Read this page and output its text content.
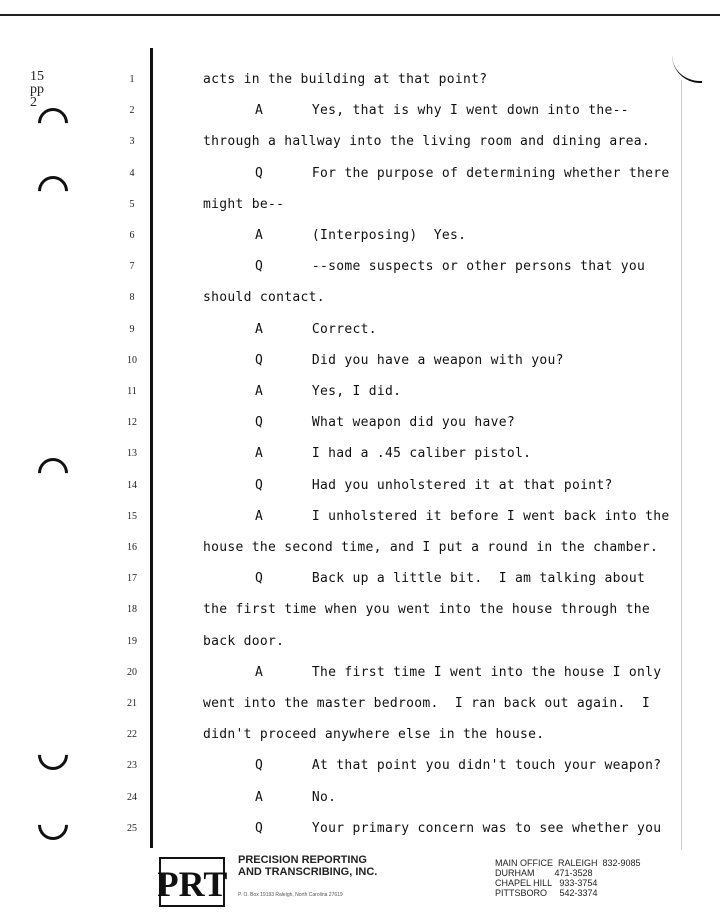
15
pp
2
1	acts in the building at that point?
2	A      Yes, that is why I went down into the--
3	through a hallway into the living room and dining area.
4	Q      For the purpose of determining whether there
5	might be--
6	A      (Interposing)  Yes.
7	Q      --some suspects or other persons that you
8	should contact.
9	A      Correct.
10	Q      Did you have a weapon with you?
11	A      Yes, I did.
12	Q      What weapon did you have?
13	A      I had a .45 caliber pistol.
14	Q      Had you unholstered it at that point?
15	A      I unholstered it before I went back into the
16	house the second time, and I put a round in the chamber.
17	Q      Back up a little bit.  I am talking about
18	the first time when you went into the house through the
19	back door.
20	A      The first time I went into the house I only
21	went into the master bedroom.  I ran back out again.  I
22	didn't proceed anywhere else in the house.
23	Q      At that point you didn't touch your weapon?
24	A      No.
25	Q      Your primary concern was to see whether you
PRT
PRECISION REPORTING
AND TRANSCRIBING, INC.
P. O. Box 19193 Raleigh, North Carolina 27619
MAIN OFFICE  RALEIGH  832-9085
DURHAM        471-3528
CHAPEL HILL   933-3754
PITTSBORO     542-3374
